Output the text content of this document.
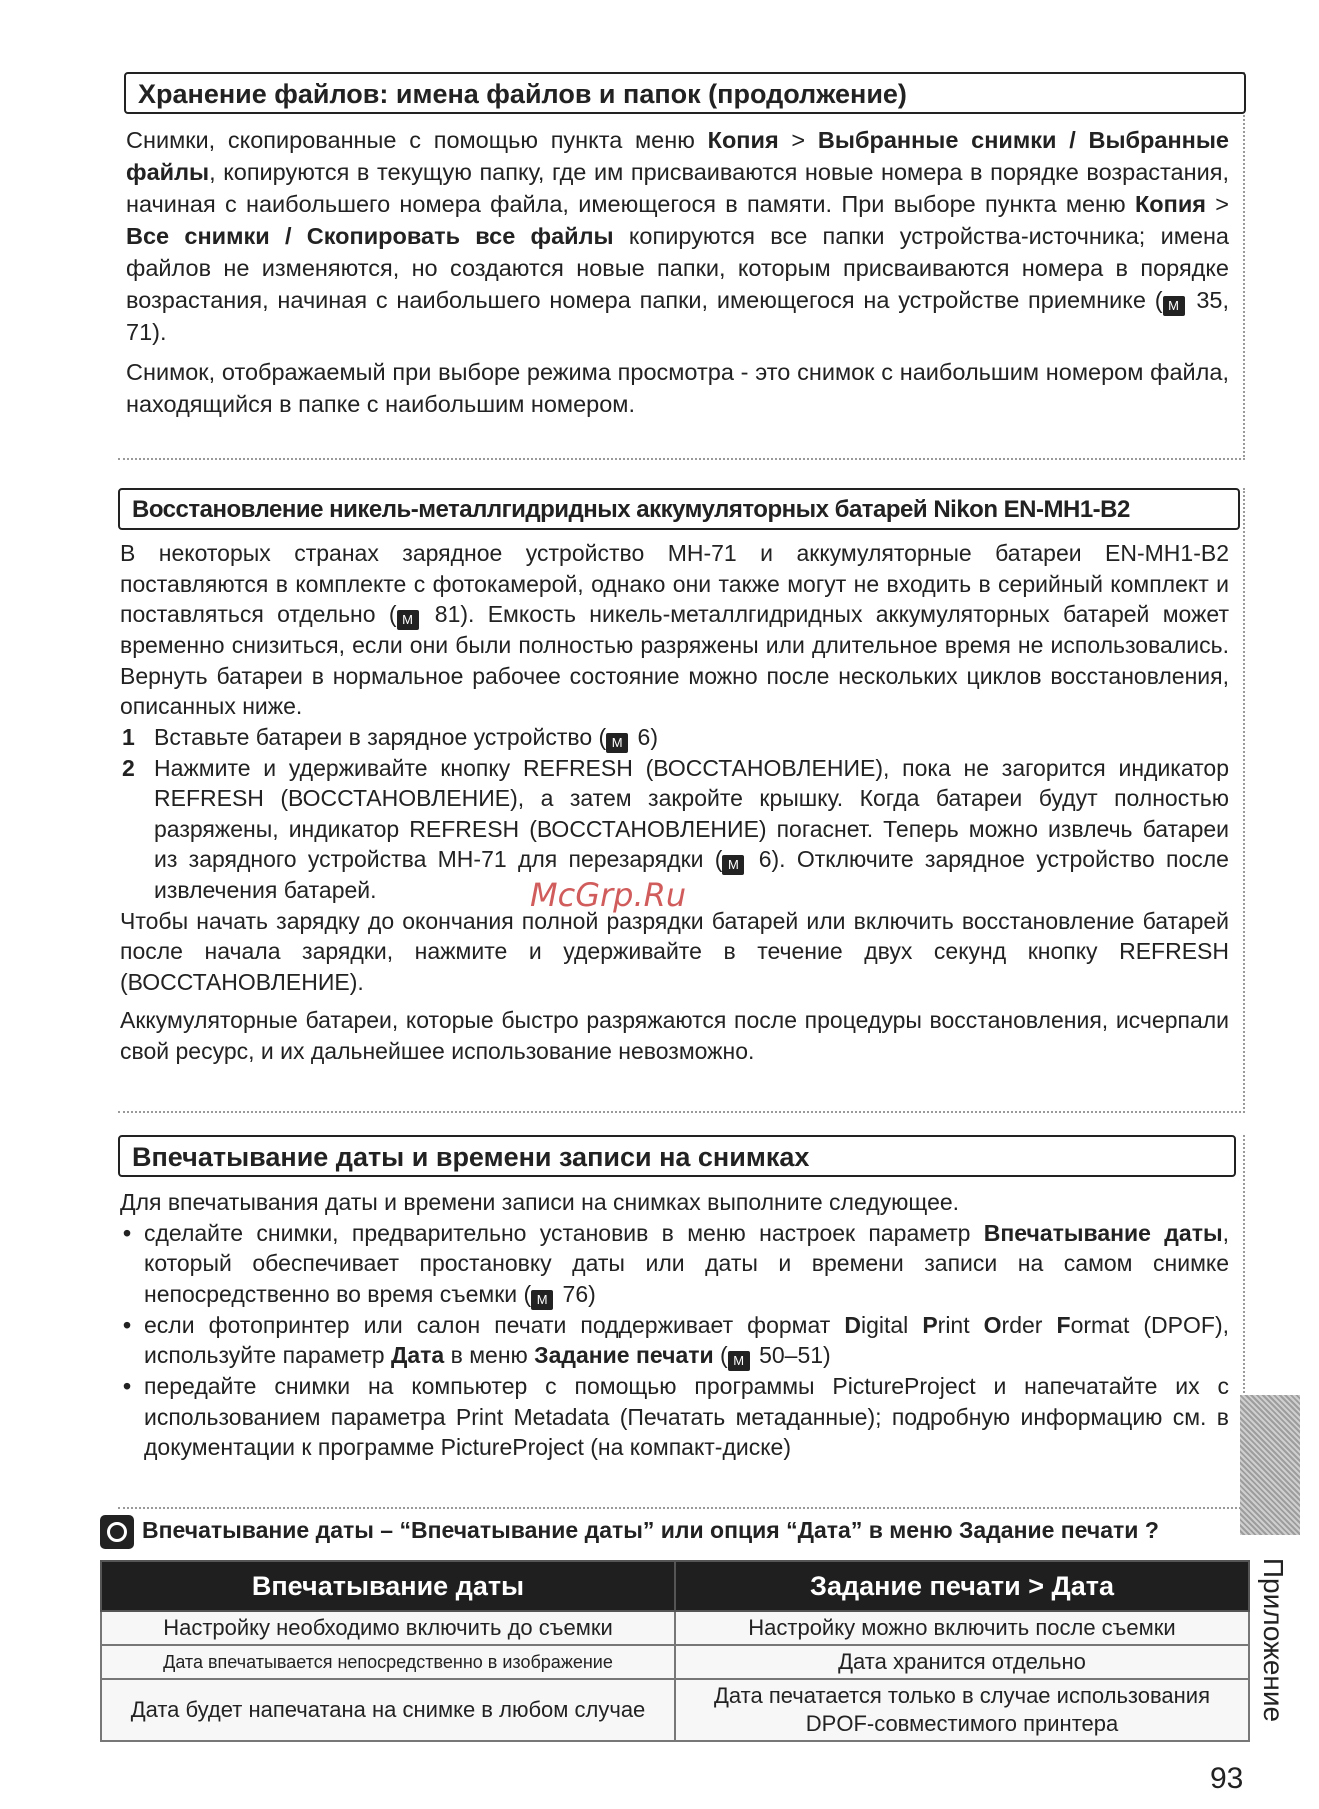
Хранение файлов: имена файлов и папок (продолжение)

Снимки, скопированные с помощью пункта меню Копия > Выбранные снимки / Выбранные файлы, копируются в текущую папку, где им присваиваются новые номера в порядке возрастания, начиная с наибольшего номера файла, имеющегося в памяти. При выборе пункта меню Копия > Все снимки / Скопировать все файлы копируются все папки устройства-источника; имена файлов не изменяются, но создаются новые папки, которым присваиваются номера в порядке возрастания, начиная с наибольшего номера папки, имеющегося на устройстве приемнике ( M 35, 71).

Снимок, отображаемый при выборе режима просмотра - это снимок с наибольшим номером файла, находящийся в папке с наибольшим номером.

Восстановление никель-металлгидридных аккумуляторных батарей Nikon EN-MH1-B2

В некоторых странах зарядное устройство MH-71 и аккумуляторные батареи EN-MH1-B2 поставляются в комплекте с фотокамерой, однако они также могут не входить в серийный комплект и поставляться отдельно ( M 81). Емкость никель-металлгидридных аккумуляторных батарей может временно снизиться, если они были полностью разряжены или длительное время не использовались. Вернуть батареи в нормальное рабочее состояние можно после нескольких циклов восстановления, описанных ниже.

1 Вставьте батареи в зарядное устройство ( M 6)
2 Нажмите и удерживайте кнопку REFRESH (ВОССТАНОВЛЕНИЕ), пока не загорится индикатор REFRESH (ВОССТАНОВЛЕНИЕ), а затем закройте крышку. Когда батареи будут полностью разряжены, индикатор REFRESH (ВОССТАНОВЛЕНИЕ) погаснет. Теперь можно извлечь батареи из зарядного устройства MH-71 для перезарядки ( M 6). Отключите зарядное устройство после извлечения батарей.

Чтобы начать зарядку до окончания полной разрядки батарей или включить восстановление батарей после начала зарядки, нажмите и удерживайте в течение двух секунд кнопку REFRESH (ВОССТАНОВЛЕНИЕ).

Аккумуляторные батареи, которые быстро разряжаются после процедуры восстановления, исчерпали свой ресурс, и их дальнейшее использование невозможно.

McGrp.Ru
Впечатывание даты и времени записи на снимках

Для впечатывания даты и времени записи на снимках выполните следующее.

• сделайте снимки, предварительно установив в меню настроек параметр Впечатывание даты, который обеспечивает простановку даты или даты и времени записи на самом снимке непосредственно во время съемки ( M 76)
• если фотопринтер или салон печати поддерживает формат Digital Print Order Format (DPOF), используйте параметр Дата в меню Задание печати ( M 50–51)
• передайте снимки на компьютер с помощью программы PictureProject и напечатайте их с использованием параметра Print Metadata (Печатать метаданные); подробную информацию см. в документации к программе PictureProject (на компакт-диске)
Впечатывание даты – “Впечатывание даты” или опция “Дата” в меню Задание печати ?
Впечатывание даты	Задание печати > Дата
Настройку необходимо включить до съемки	Настройку можно включить после съемки
Дата впечатывается непосредственно в изображение	Дата хранится отдельно
Дата будет напечатана на снимке в любом случае	Дата печатается только в случае использования DPOF-совместимого принтера
Приложение
93
